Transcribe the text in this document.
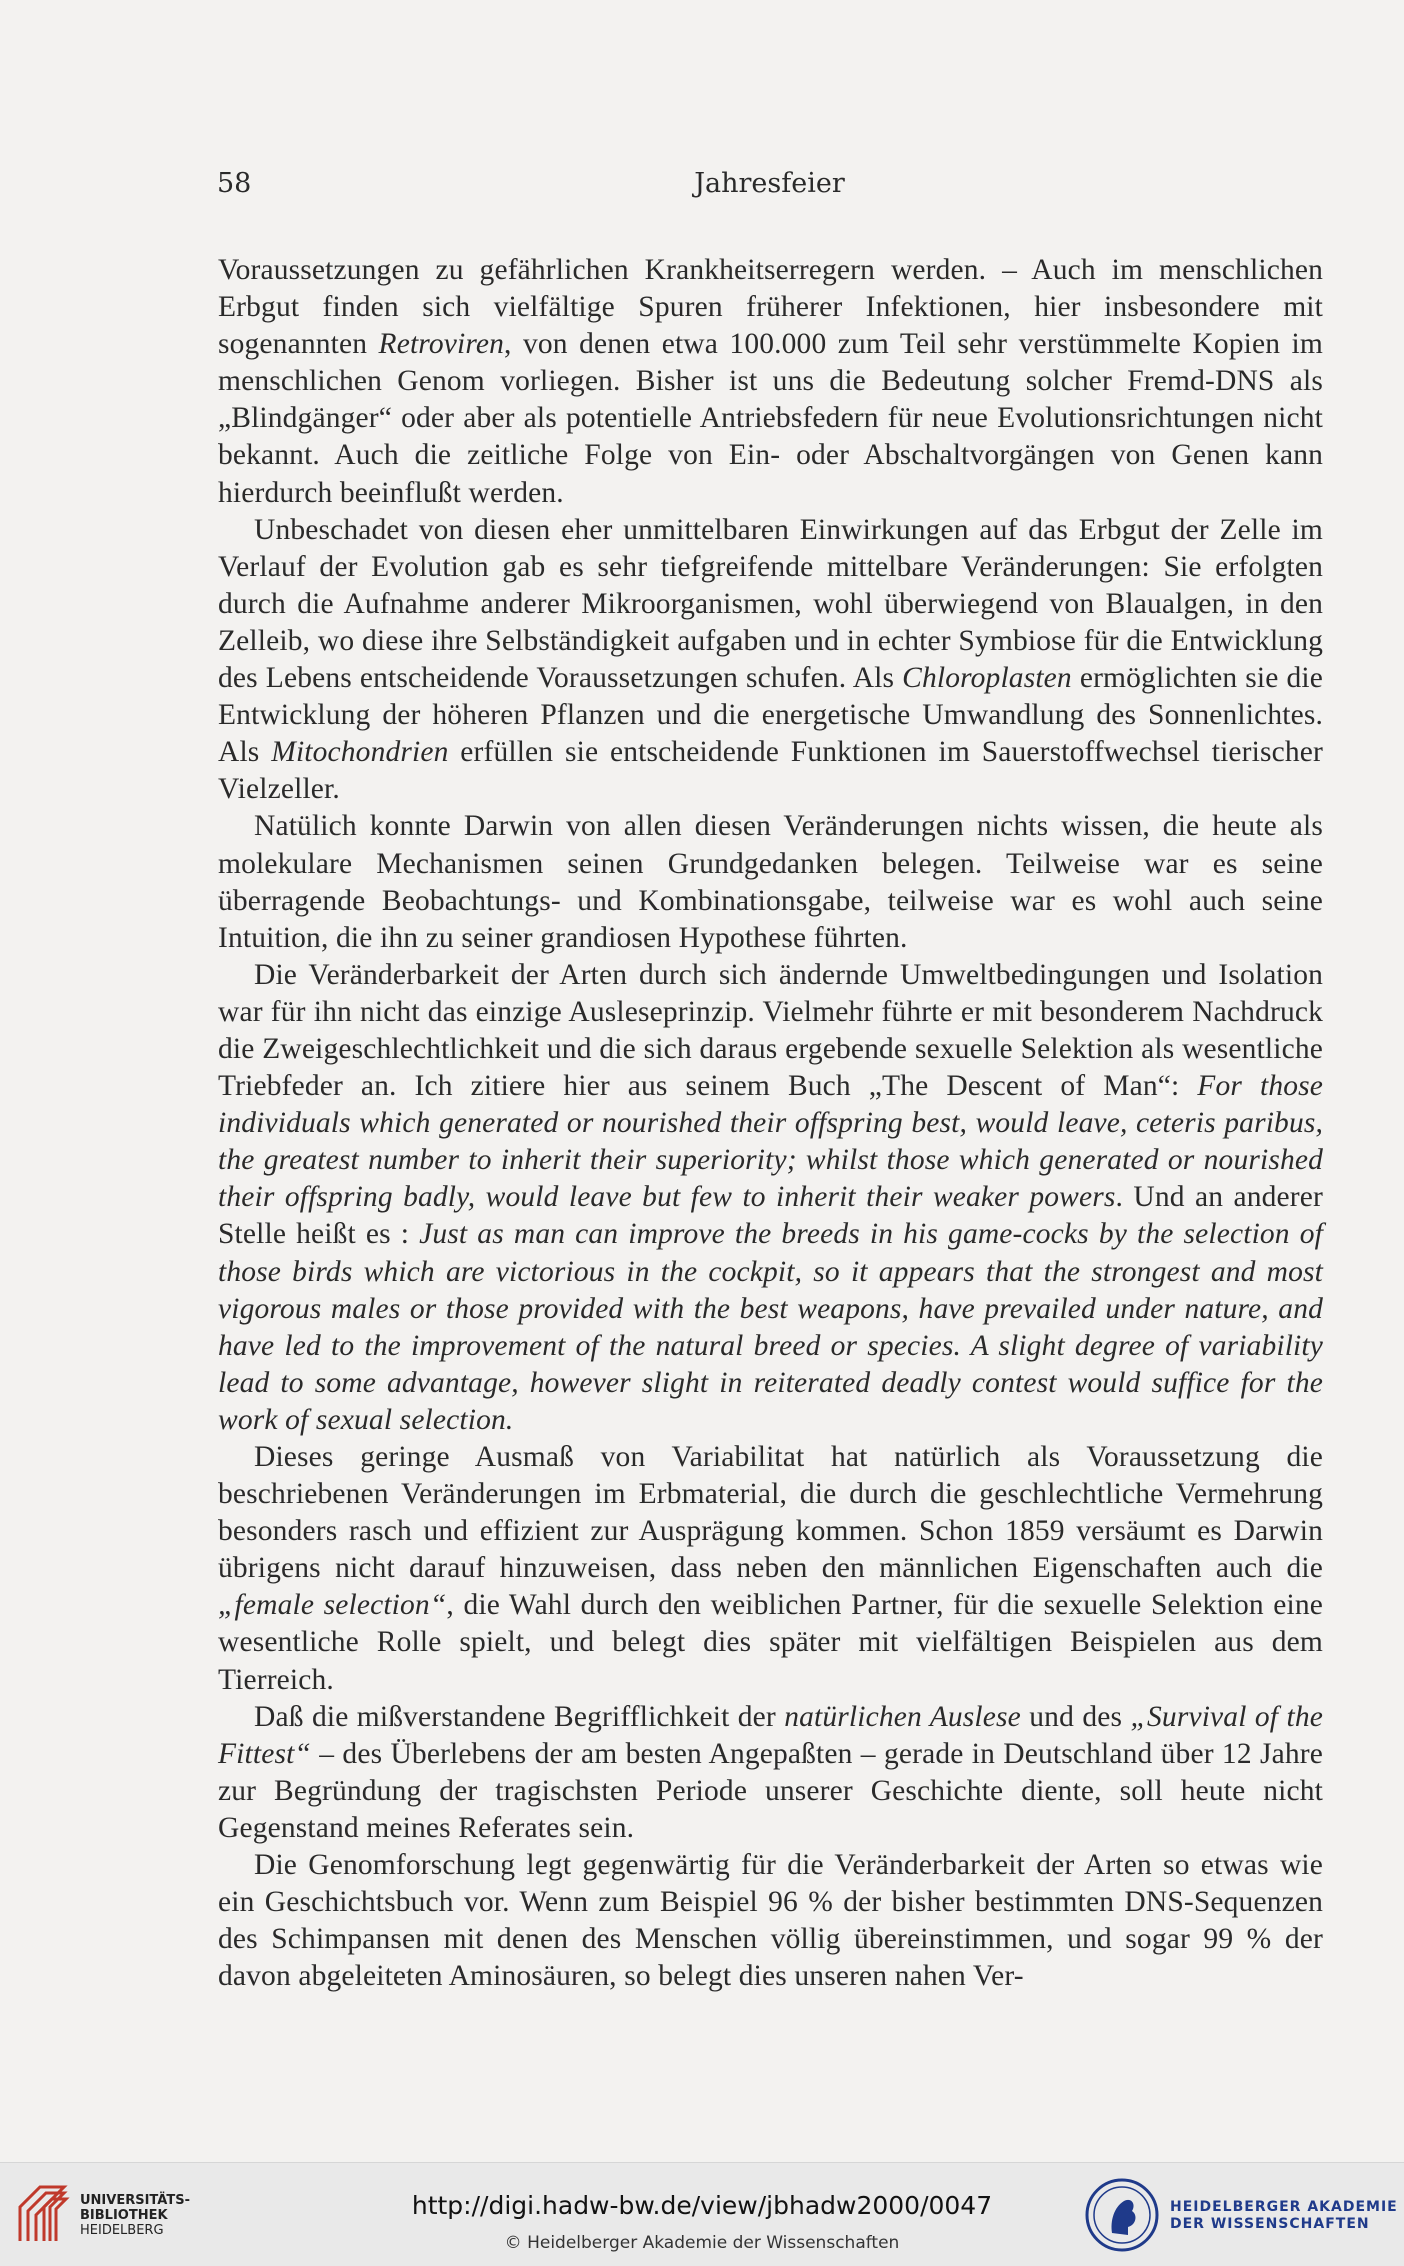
58	Jahresfeier

Voraussetzungen zu gefährlichen Krankheitserregern werden. – Auch im menschlichen Erbgut finden sich vielfältige Spuren früherer Infektionen, hier insbesondere mit sogenannten Retroviren, von denen etwa 100.000 zum Teil sehr verstümmelte Kopien im menschlichen Genom vorliegen. Bisher ist uns die Bedeutung solcher Fremd-DNS als „Blindgänger“ oder aber als potentielle Antriebsfedern für neue Evolutionsrichtungen nicht bekannt. Auch die zeitliche Folge von Ein- oder Abschaltvorgängen von Genen kann hierdurch beeinflußt werden.

Unbeschadet von diesen eher unmittelbaren Einwirkungen auf das Erbgut der Zelle im Verlauf der Evolution gab es sehr tiefgreifende mittelbare Veränderungen: Sie erfolgten durch die Aufnahme anderer Mikroorganismen, wohl überwiegend von Blaualgen, in den Zelleib, wo diese ihre Selbständigkeit aufgaben und in echter Symbiose für die Entwicklung des Lebens entscheidende Voraussetzungen schufen. Als Chloroplasten ermöglichten sie die Entwicklung der höheren Pflanzen und die energetische Umwandlung des Sonnenlichtes. Als Mitochondrien erfüllen sie entscheidende Funktionen im Sauerstoffwechsel tierischer Vielzeller.

Natülich konnte Darwin von allen diesen Veränderungen nichts wissen, die heute als molekulare Mechanismen seinen Grundgedanken belegen. Teilweise war es seine überragende Beobachtungs- und Kombinationsgabe, teilweise war es wohl auch seine Intuition, die ihn zu seiner grandiosen Hypothese führten.

Die Veränderbarkeit der Arten durch sich ändernde Umweltbedingungen und Isolation war für ihn nicht das einzige Ausleseprinzip. Vielmehr führte er mit besonderem Nachdruck die Zweigeschlechtlichkeit und die sich daraus ergebende sexuelle Selektion als wesentliche Triebfeder an. Ich zitiere hier aus seinem Buch „The Descent of Man“: For those individuals which generated or nourished their offspring best, would leave, ceteris paribus, the greatest number to inherit their superiority; whilst those which generated or nourished their offspring badly, would leave but few to inherit their weaker powers. Und an anderer Stelle heißt es : Just as man can improve the breeds in his game-cocks by the selection of those birds which are victorious in the cockpit, so it appears that the strongest and most vigorous males or those provided with the best weapons, have prevailed under nature, and have led to the improvement of the natural breed or species. A slight degree of variability lead to some advantage, however slight in reiterated deadly contest would suffice for the work of sexual selection.

Dieses geringe Ausmaß von Variabilitat hat natürlich als Voraussetzung die beschriebenen Veränderungen im Erbmaterial, die durch die geschlechtliche Vermehrung besonders rasch und effizient zur Ausprägung kommen. Schon 1859 versäumt es Darwin übrigens nicht darauf hinzuweisen, dass neben den männlichen Eigenschaften auch die „female selection“, die Wahl durch den weiblichen Partner, für die sexuelle Selektion eine wesentliche Rolle spielt, und belegt dies später mit vielfältigen Beispielen aus dem Tierreich.

Daß die mißverstandene Begrifflichkeit der natürlichen Auslese und des „Survival of the Fittest“ – des Überlebens der am besten Angepaßten – gerade in Deutschland über 12 Jahre zur Begründung der tragischsten Periode unserer Geschichte diente, soll heute nicht Gegenstand meines Referates sein.

Die Genomforschung legt gegenwärtig für die Veränderbarkeit der Arten so etwas wie ein Geschichtsbuch vor. Wenn zum Beispiel 96 % der bisher bestimmten DNS-Sequenzen des Schimpansen mit denen des Menschen völlig übereinstimmen, und sogar 99 % der davon abgeleiteten Aminosäuren, so belegt dies unseren nahen Ver-

UNIVERSITÄTS-
BIBLIOTHEK
HEIDELBERG
http://digi.hadw-bw.de/view/jbhadw2000/0047
© Heidelberger Akademie der Wissenschaften
HEIDELBERGER AKADEMIE
DER WISSENSCHAFTEN
